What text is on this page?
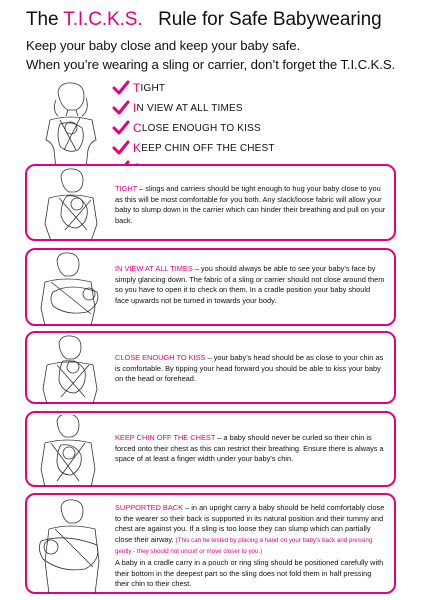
The T.I.C.K.S. Rule for Safe Babywearing
Keep your baby close and keep your baby safe.
When you’re wearing a sling or carrier, don’t forget the T.I.C.K.S.
T IGHT
I N VIEW AT ALL TIMES
C LOSE ENOUGH TO KISS
K EEP CHIN OFF THE CHEST
TIGHT – slings and carriers should be tight enough to hug your baby close to you as this will be most comfortable for you both. Any slack/loose fabric will allow your baby to slump down in the carrier which can hinder their breathing and pull on your back.
IN VIEW AT ALL TIMES – you should always be able to see your baby’s face by simply glancing down. The fabric of a sling or carrier should not close around them so you have to open it to check on them. In a cradle position your baby should face upwards not be turned in towards your body.
CLOSE ENOUGH TO KISS – your baby’s head should be as close to your chin as is comfortable. By tipping your head forward you should be able to kiss your baby on the head or forehead.
KEEP CHIN OFF THE CHEST – a baby should never be curled so their chin is forced onto their chest as this can restrict their breathing. Ensure there is always a space of at least a finger width under your baby’s chin.
SUPPORTED BACK – in an upright carry a baby should be held comfortably close to the wearer so their back is supported in its natural position and their tummy and chest are against you. If a sling is too loose they can slump which can partially close their airway. (This can be tested by placing a hand on your baby’s back and pressing gently - they should not uncurl or move closer to you.)
A baby in a cradle carry in a pouch or ring sling should be positioned carefully with their bottom in the deepest part so the sling does not fold them in half pressing their chin to their chest.
